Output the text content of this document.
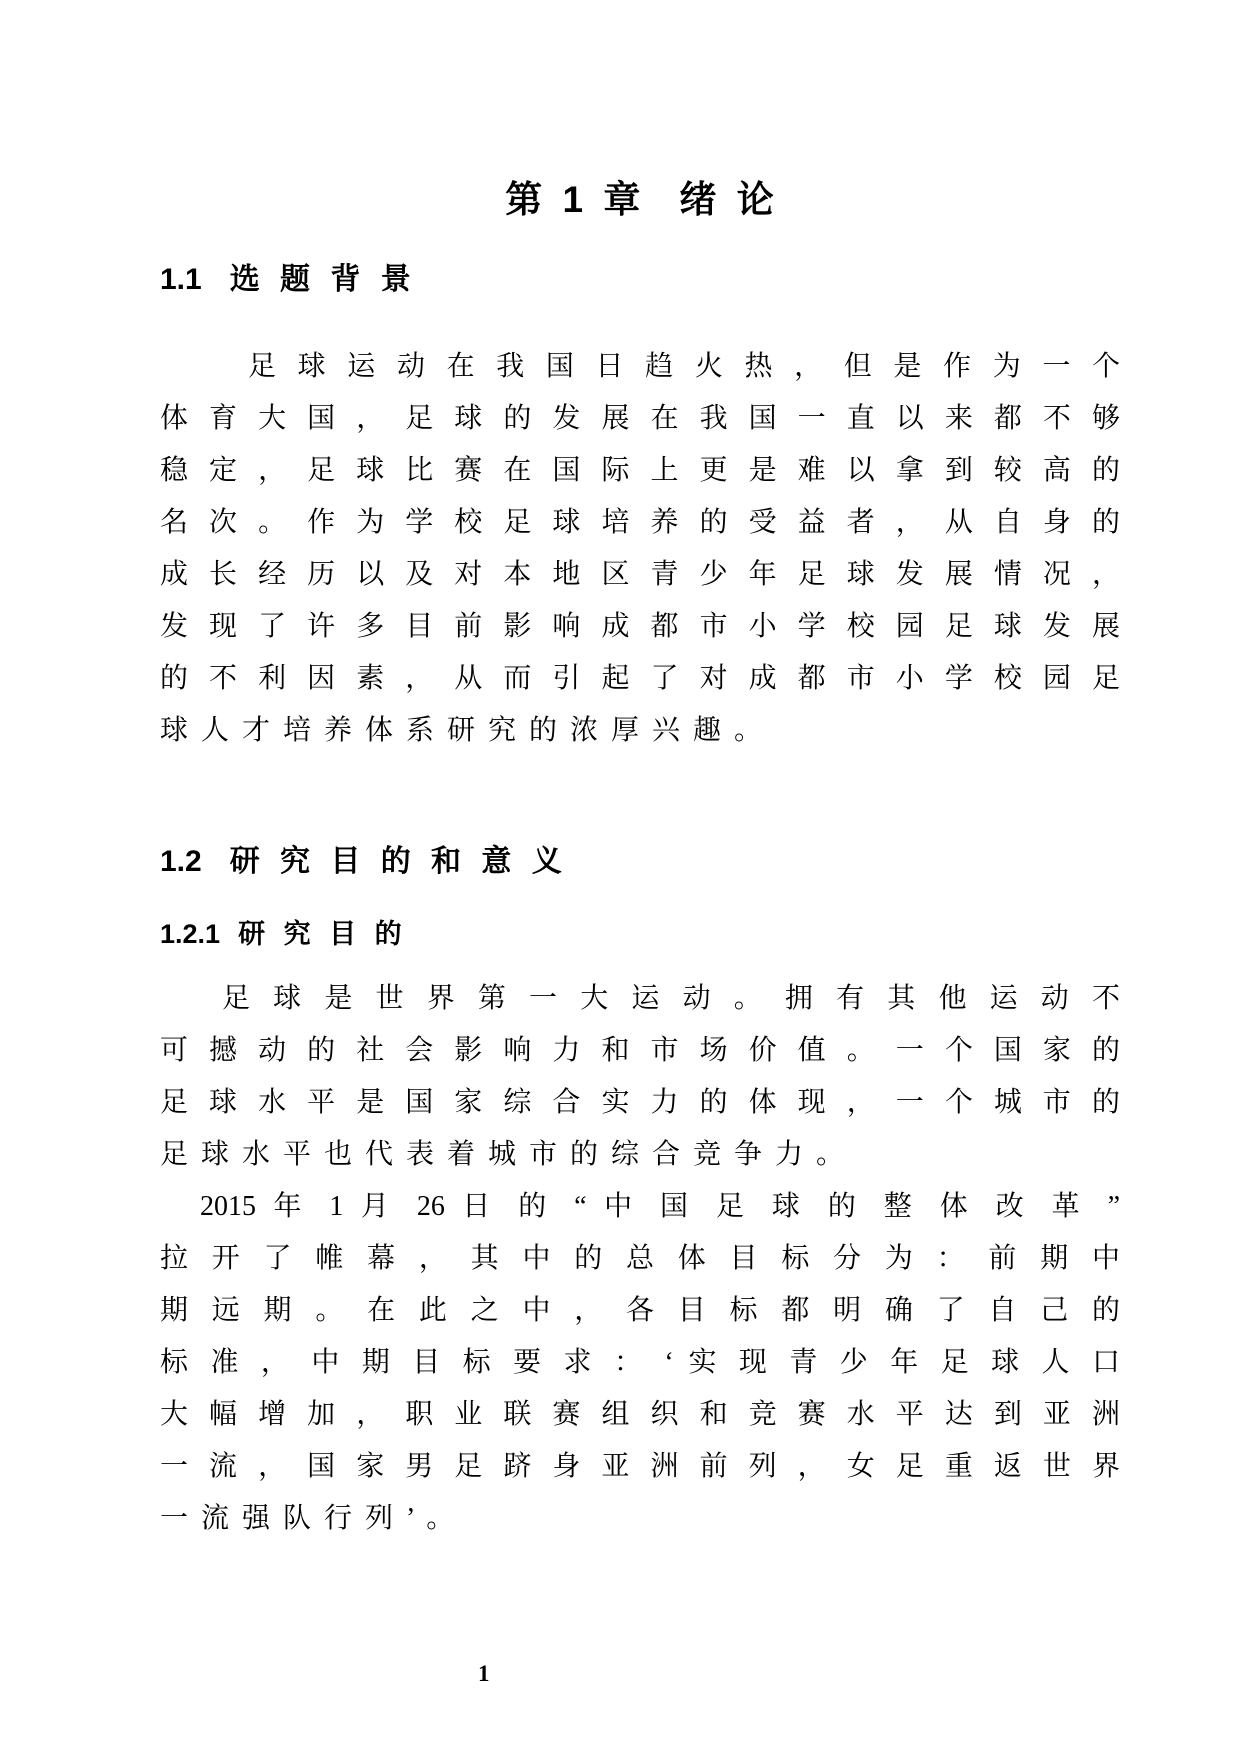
第 1 章 绪 论
1.1 选 题 背 景
足 球 运 动 在 我 国 日 趋 火 热 ， 但 是 作 为 一 个
体 育 大 国 ， 足 球 的 发 展 在 我 国 一 直 以 来 都 不 够
稳 定 ， 足 球 比 赛 在 国 际 上 更 是 难 以 拿 到 较 高 的
名 次 。 作 为 学 校 足 球 培 养 的 受 益 者 ， 从 自 身 的
成 长 经 历 以 及 对 本 地 区 青 少 年 足 球 发 展 情 况 ，
发 现 了 许 多 目 前 影 响 成 都 市 小 学 校 园 足 球 发 展
的 不 利 因 素 ， 从 而 引 起 了 对 成 都 市 小 学 校 园 足
球 人 才 培 养 体 系 研 究 的 浓 厚 兴 趣 。
1.2 研 究 目 的 和 意 义
1.2.1 研 究 目 的
足 球 是 世 界 第 一 大 运 动 。 拥 有 其 他 运 动 不
可 撼 动 的 社 会 影 响 力 和 市 场 价 值 。 一 个 国 家 的
足 球 水 平 是 国 家 综 合 实 力 的 体 现 ， 一 个 城 市 的
足 球 水 平 也 代 表 着 城 市 的 综 合 竞 争 力 。
2015 年 1 月 26 日 的 “ 中 国 足 球 的 整 体 改 革 ”
拉 开 了 帷 幕 ， 其 中 的 总 体 目 标 分 为 ： 前 期 中
期 远 期 。 在 此 之 中 ， 各 目 标 都 明 确 了 自 己 的
标 准 ， 中 期 目 标 要 求 ： ‘ 实 现 青 少 年 足 球 人 口
大 幅 增 加 ， 职 业 联 赛 组 织 和 竞 赛 水 平 达 到 亚 洲
一 流 ， 国 家 男 足 跻 身 亚 洲 前 列 ， 女 足 重 返 世 界
一 流 强 队 行 列 ’ 。
1
